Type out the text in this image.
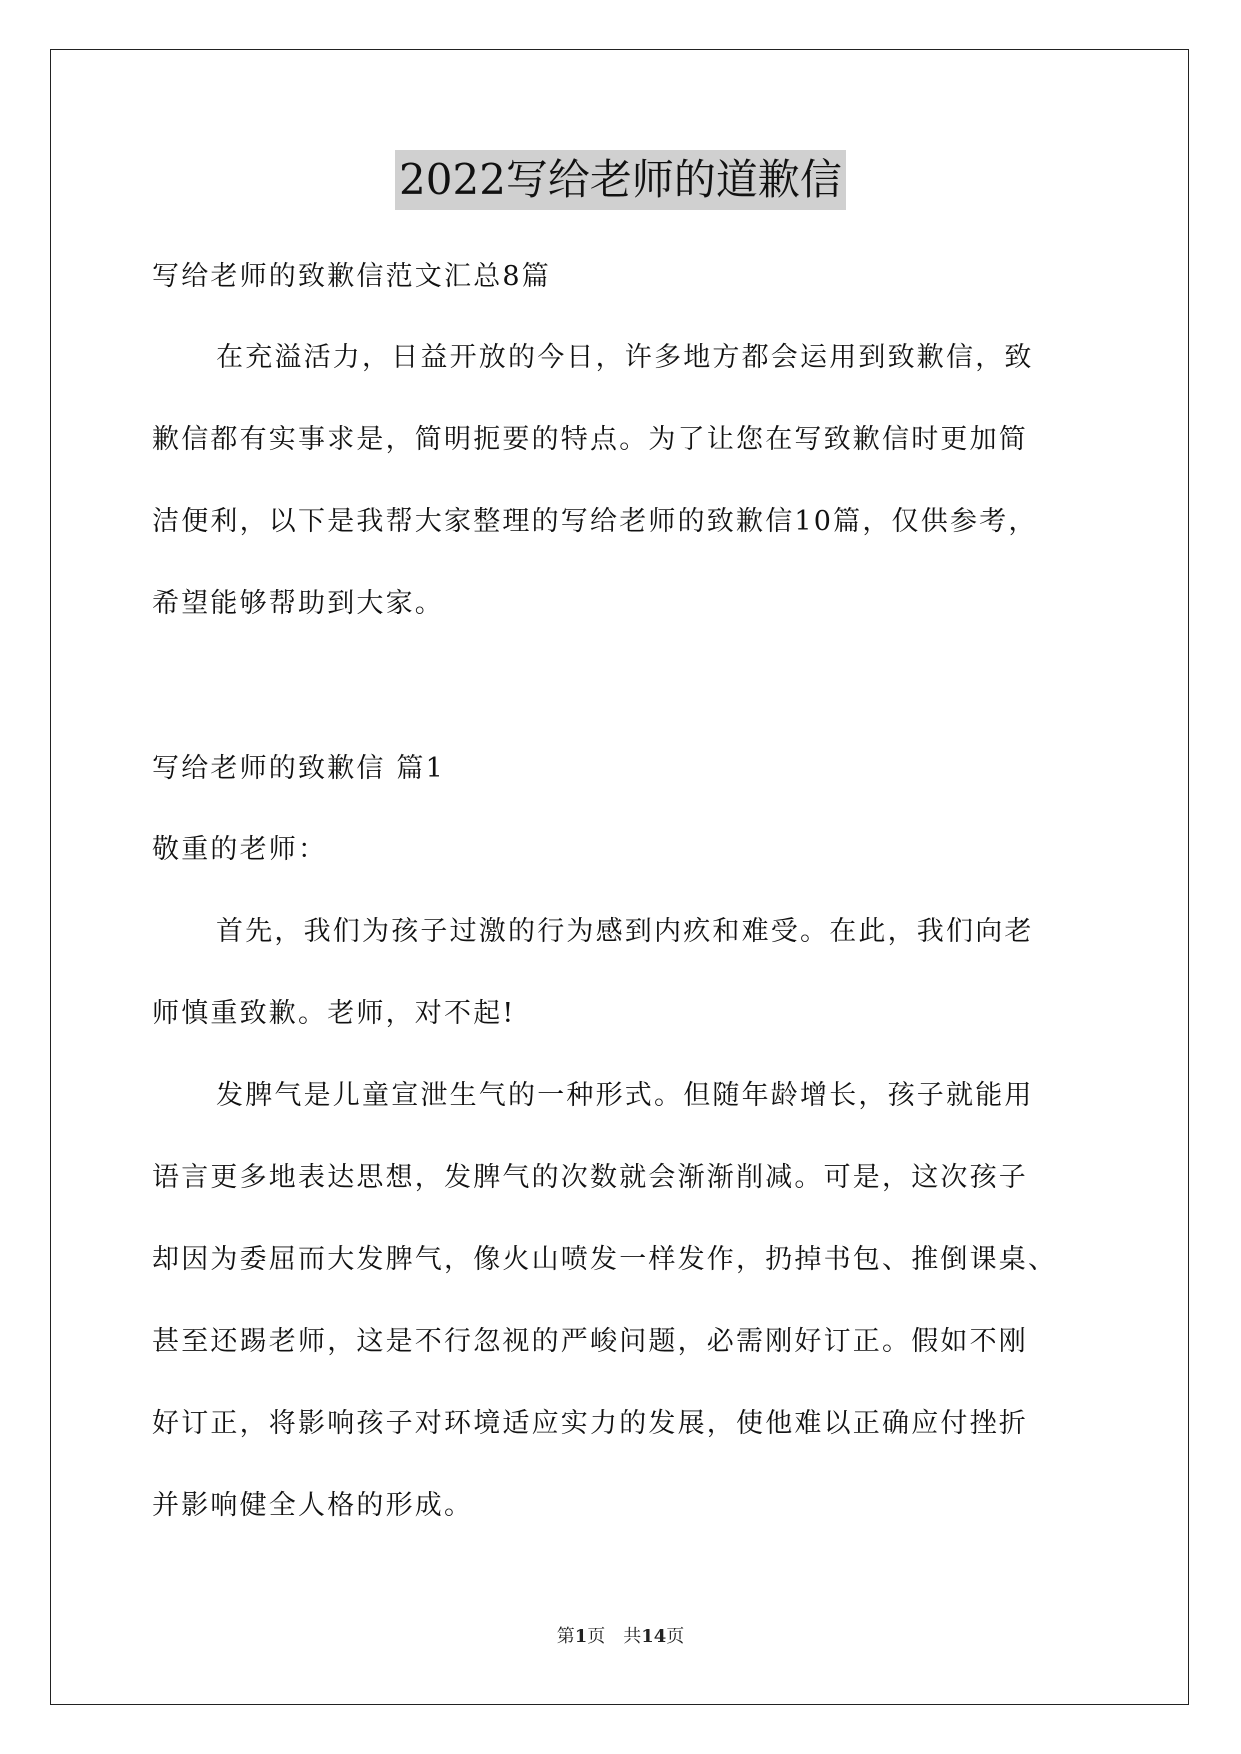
2022写给老师的道歉信
写给老师的致歉信范文汇总8篇
在充溢活力，日益开放的今日，许多地方都会运用到致歉信，致
歉信都有实事求是，简明扼要的特点。为了让您在写致歉信时更加简
洁便利，以下是我帮大家整理的写给老师的致歉信10篇，仅供参考，
希望能够帮助到大家。
写给老师的致歉信 篇1
敬重的老师：
首先，我们为孩子过激的行为感到内疚和难受。在此，我们向老
师慎重致歉。老师，对不起!
发脾气是儿童宣泄生气的一种形式。但随年龄增长，孩子就能用
语言更多地表达思想，发脾气的次数就会渐渐削减。可是，这次孩子
却因为委屈而大发脾气，像火山喷发一样发作，扔掉书包、推倒课桌、
甚至还踢老师，这是不行忽视的严峻问题，必需刚好订正。假如不刚
好订正，将影响孩子对环境适应实力的发展，使他难以正确应付挫折
并影响健全人格的形成。
第1页 共14页
